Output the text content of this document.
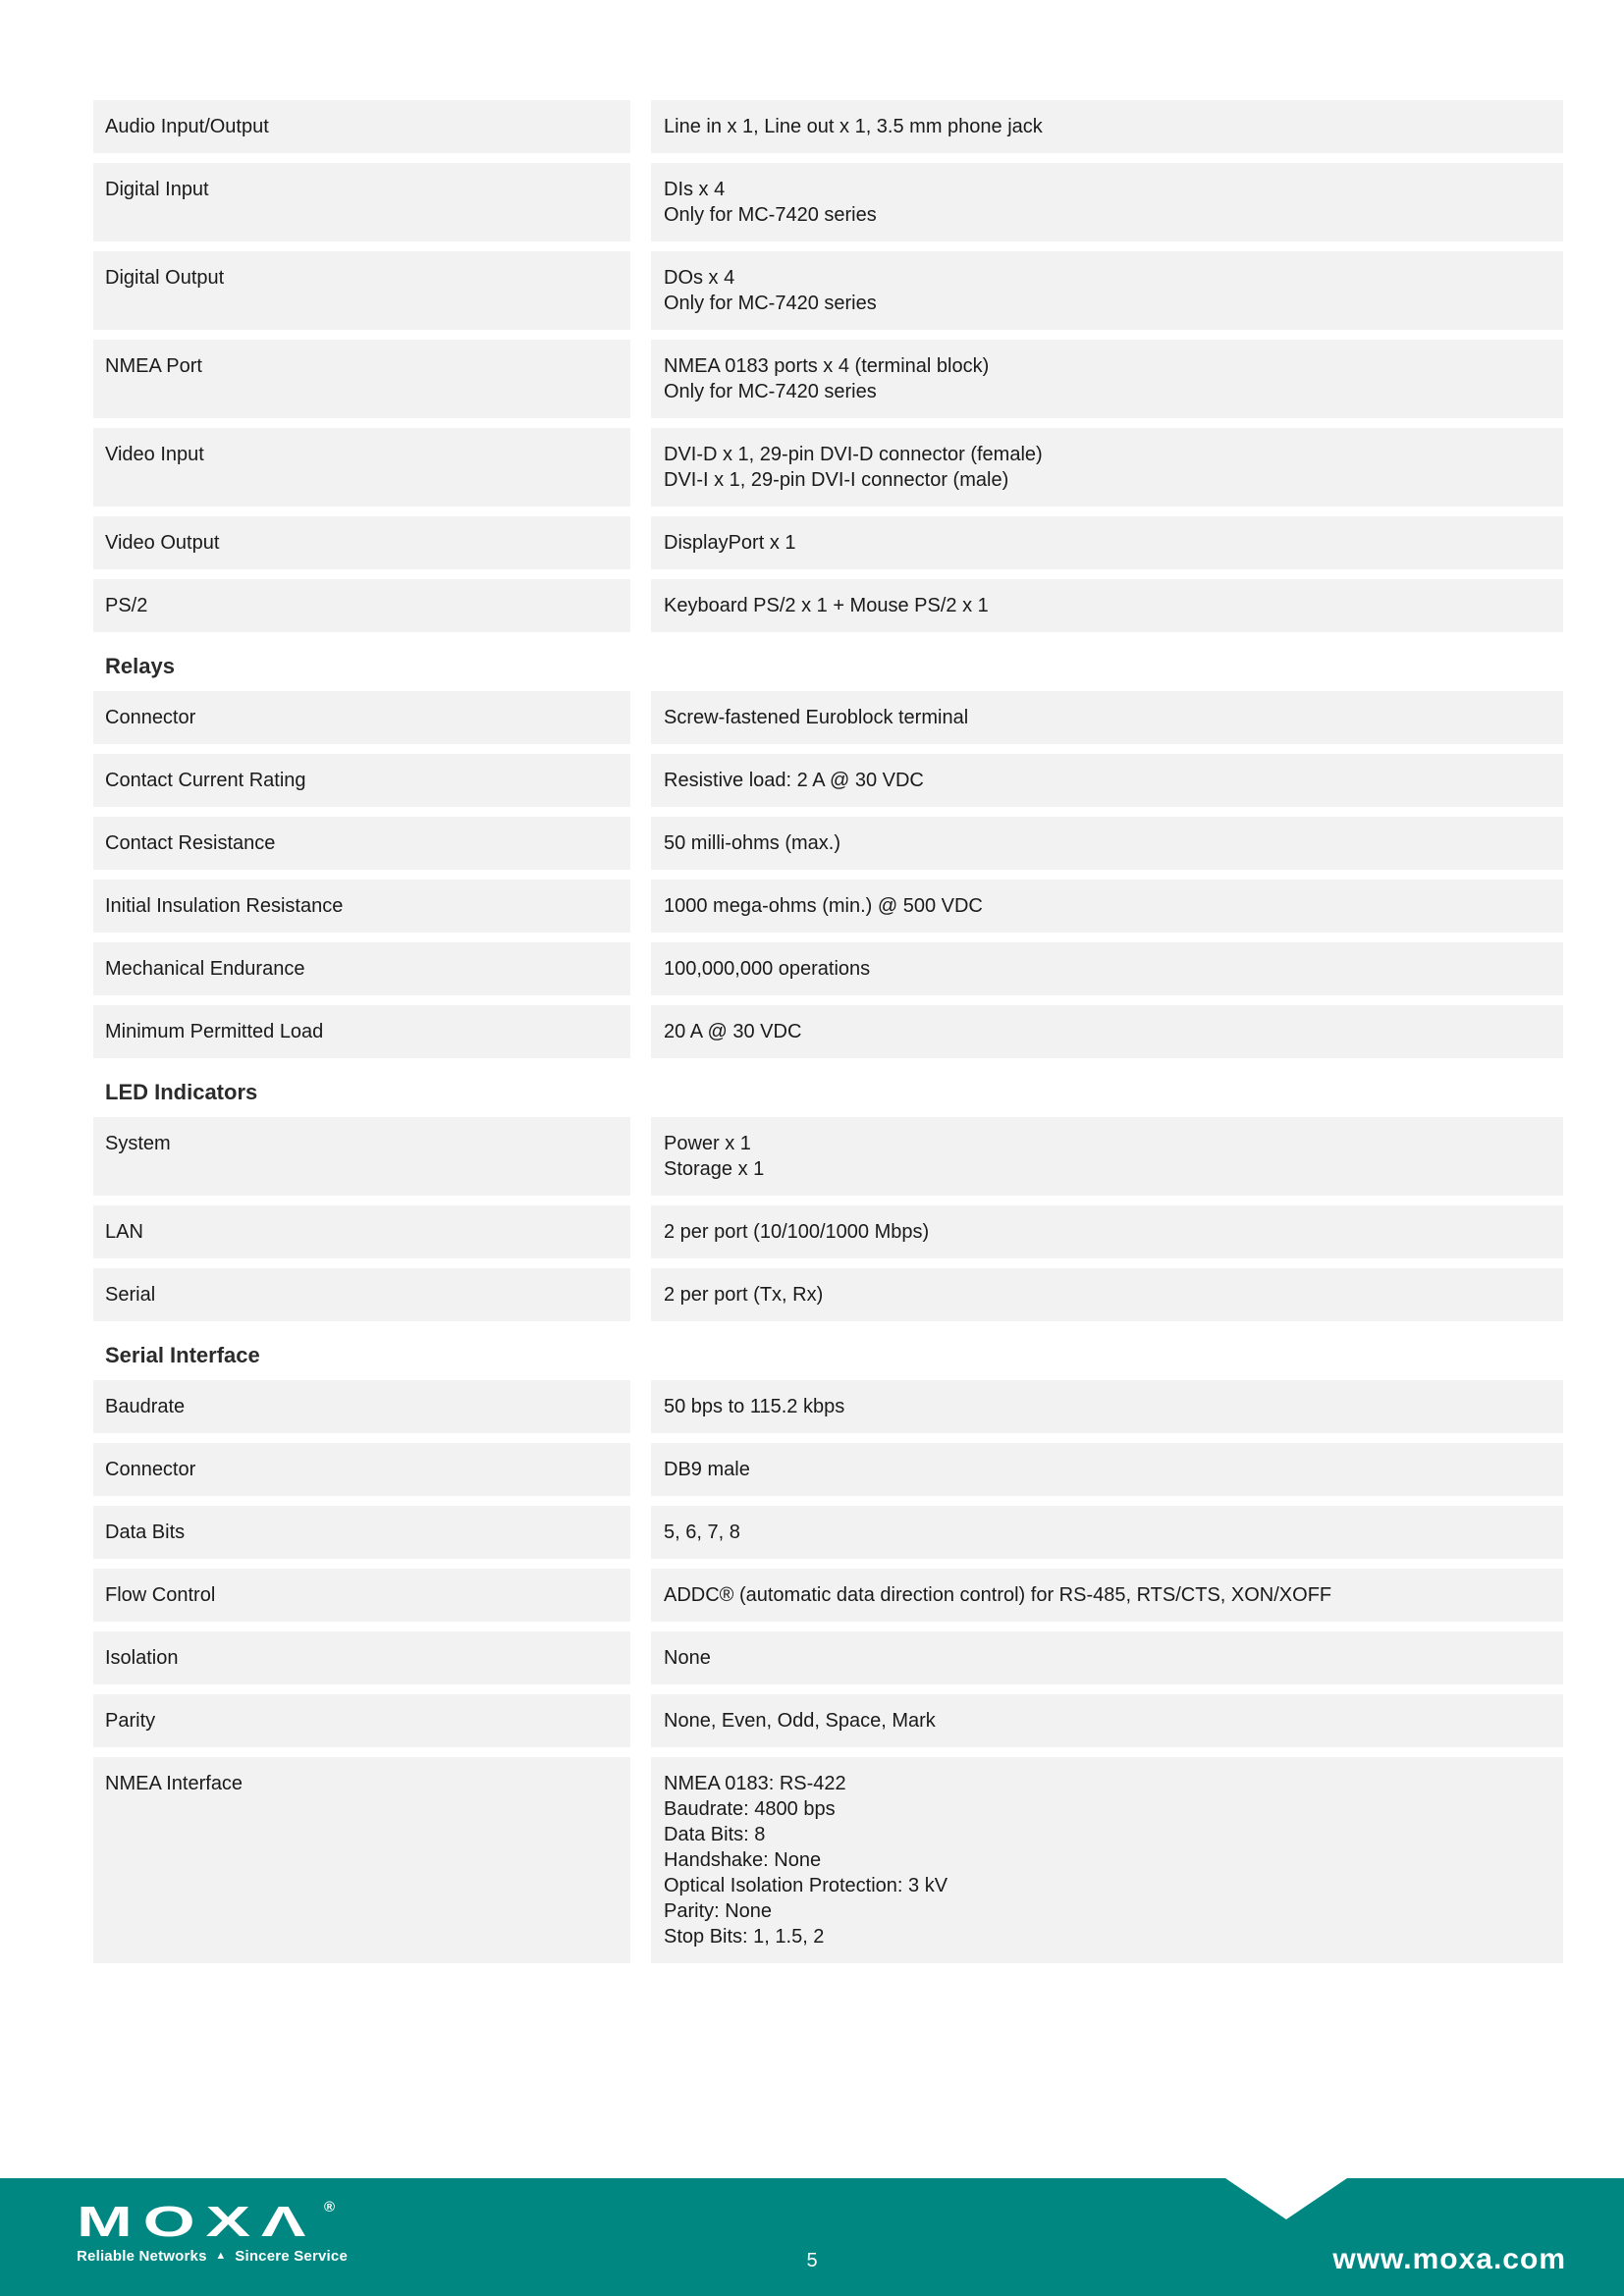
Audio Input/Output	Line in x 1, Line out x 1, 3.5 mm phone jack
Digital Input	DIs x 4
Only for MC-7420 series
Digital Output	DOs x 4
Only for MC-7420 series
NMEA Port	NMEA 0183 ports x 4 (terminal block)
Only for MC-7420 series
Video Input	DVI-D x 1, 29-pin DVI-D connector (female)
DVI-I x 1, 29-pin DVI-I connector (male)
Video Output	DisplayPort x 1
PS/2	Keyboard PS/2 x 1 + Mouse PS/2 x 1
Relays
Connector	Screw-fastened Euroblock terminal
Contact Current Rating	Resistive load: 2 A @ 30 VDC
Contact Resistance	50 milli-ohms (max.)
Initial Insulation Resistance	1000 mega-ohms (min.) @ 500 VDC
Mechanical Endurance	100,000,000 operations
Minimum Permitted Load	20 A @ 30 VDC
LED Indicators
System	Power x 1
Storage x 1
LAN	2 per port (10/100/1000 Mbps)
Serial	2 per port (Tx, Rx)
Serial Interface
Baudrate	50 bps to 115.2 kbps
Connector	DB9 male
Data Bits	5, 6, 7, 8
Flow Control	ADDC® (automatic data direction control) for RS-485, RTS/CTS, XON/XOFF
Isolation	None
Parity	None, Even, Odd, Space, Mark
NMEA Interface	NMEA 0183: RS-422
Baudrate: 4800 bps
Data Bits: 8
Handshake: None
Optical Isolation Protection: 3 kV
Parity: None
Stop Bits: 1, 1.5, 2
MOXΛ ®
Reliable Networks ▲ Sincere Service	5	www.moxa.com
